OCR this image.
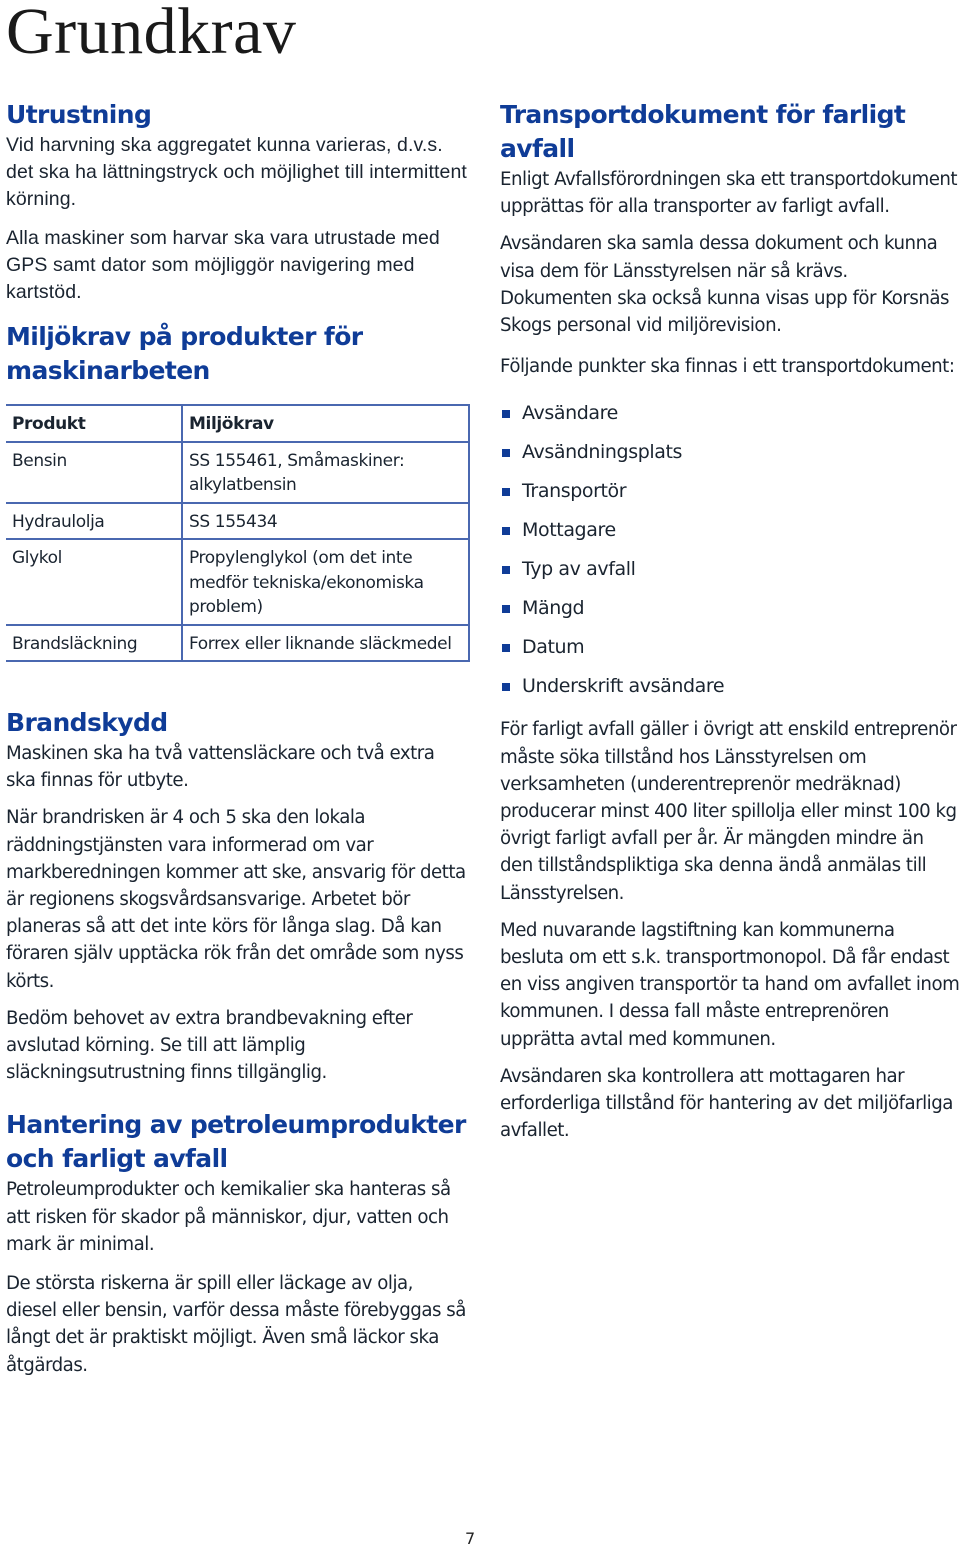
Grundkrav
Utrustning

Vid harvning ska aggregatet kunna varieras, d.v.s. det ska ha lättningstryck och möjlighet till intermittent körning.

Alla maskiner som harvar ska vara utrustade med GPS samt dator som möjliggör navigering med kartstöd.

Miljökrav på produkter för maskinarbeten
Produkt	Miljökrav
Bensin	SS 155461, Småmaskiner: alkylatbensin
Hydraulolja	SS 155434
Glykol	Propylenglykol (om det inte medför tekniska/ekonomiska problem)
Brandsläckning	Forrex eller liknande släckmedel
Brandskydd

Maskinen ska ha två vattensläckare och två extra ska finnas för utbyte.

När brandrisken är 4 och 5 ska den lokala räddningstjänsten vara informerad om var markberedningen kommer att ske, ansvarig för detta är regionens skogsvårdsansvarige. Arbetet bör planeras så att det inte körs för långa slag. Då kan föraren själv upptäcka rök från det område som nyss körts.

Bedöm behovet av extra brandbevakning efter avslutad körning. Se till att lämplig släckningsutrustning finns tillgänglig.

Hantering av petroleumprodukter och farligt avfall

Petroleumprodukter och kemikalier ska hanteras så att risken för skador på människor, djur, vatten och mark är minimal.

De största riskerna är spill eller läckage av olja, diesel eller bensin, varför dessa måste förebyggas så långt det är praktiskt möjligt. Även små läckor ska åtgärdas.

Transportdokument för farligt avfall

Enligt Avfallsförordningen ska ett transportdokument upprättas för alla transporter av farligt avfall.

Avsändaren ska samla dessa dokument och kunna visa dem för Länsstyrelsen när så krävs. Dokumenten ska också kunna visas upp för Korsnäs Skogs personal vid miljörevision.

Följande punkter ska finnas i ett transportdokument:

Avsändare
Avsändningsplats
Transportör
Mottagare
Typ av avfall
Mängd
Datum
Underskrift avsändare

För farligt avfall gäller i övrigt att enskild entreprenör måste söka tillstånd hos Länsstyrelsen om verksamheten (underentreprenör medräknad) producerar minst 400 liter spillolja eller minst 100 kg övrigt farligt avfall per år. Är mängden mindre än den tillståndspliktiga ska denna ändå anmälas till Länsstyrelsen.

Med nuvarande lagstiftning kan kommunerna besluta om ett s.k. transportmonopol. Då får endast en viss angiven transportör ta hand om avfallet inom kommunen. I dessa fall måste entreprenören upprätta avtal med kommunen.

Avsändaren ska kontrollera att mottagaren har erforderliga tillstånd för hantering av det miljöfarliga avfallet.

7
